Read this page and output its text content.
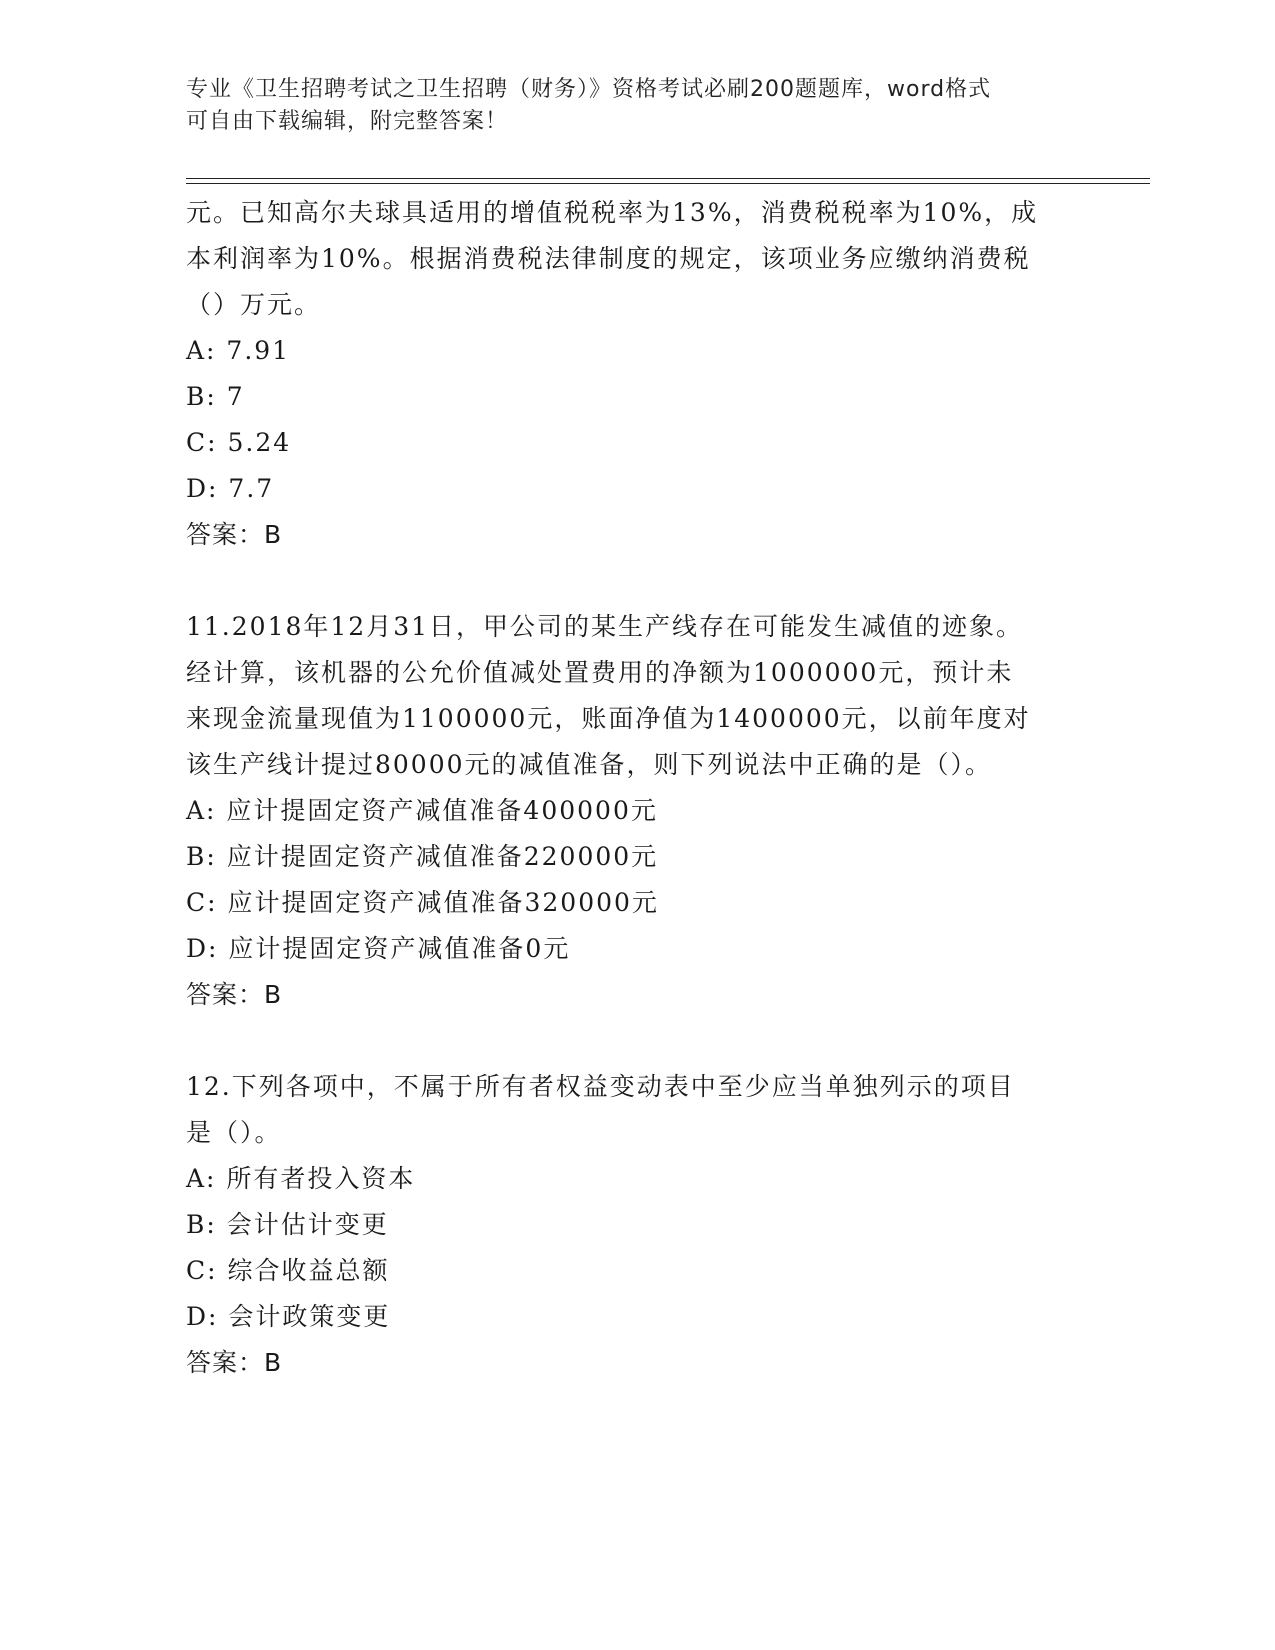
专业《卫生招聘考试之卫生招聘（财务）》资格考试必刷200题题库，word格式
可自由下载编辑，附完整答案！
元。已知高尔夫球具适用的增值税税率为13%，消费税税率为10%，成
本利润率为10%。根据消费税法律制度的规定，该项业务应缴纳消费税
（）万元。
A: 7.91
B: 7
C: 5.24
D: 7.7
答案：B
11.2018年12月31日，甲公司的某生产线存在可能发生减值的迹象。
经计算，该机器的公允价值减处置费用的净额为1000000元，预计未
来现金流量现值为1100000元，账面净值为1400000元，以前年度对
该生产线计提过80000元的减值准备，则下列说法中正确的是（）。
A: 应计提固定资产减值准备400000元
B: 应计提固定资产减值准备220000元
C: 应计提固定资产减值准备320000元
D: 应计提固定资产减值准备0元
答案：B
12.下列各项中，不属于所有者权益变动表中至少应当单独列示的项目
是（）。
A: 所有者投入资本
B: 会计估计变更
C: 综合收益总额
D: 会计政策变更
答案：B
